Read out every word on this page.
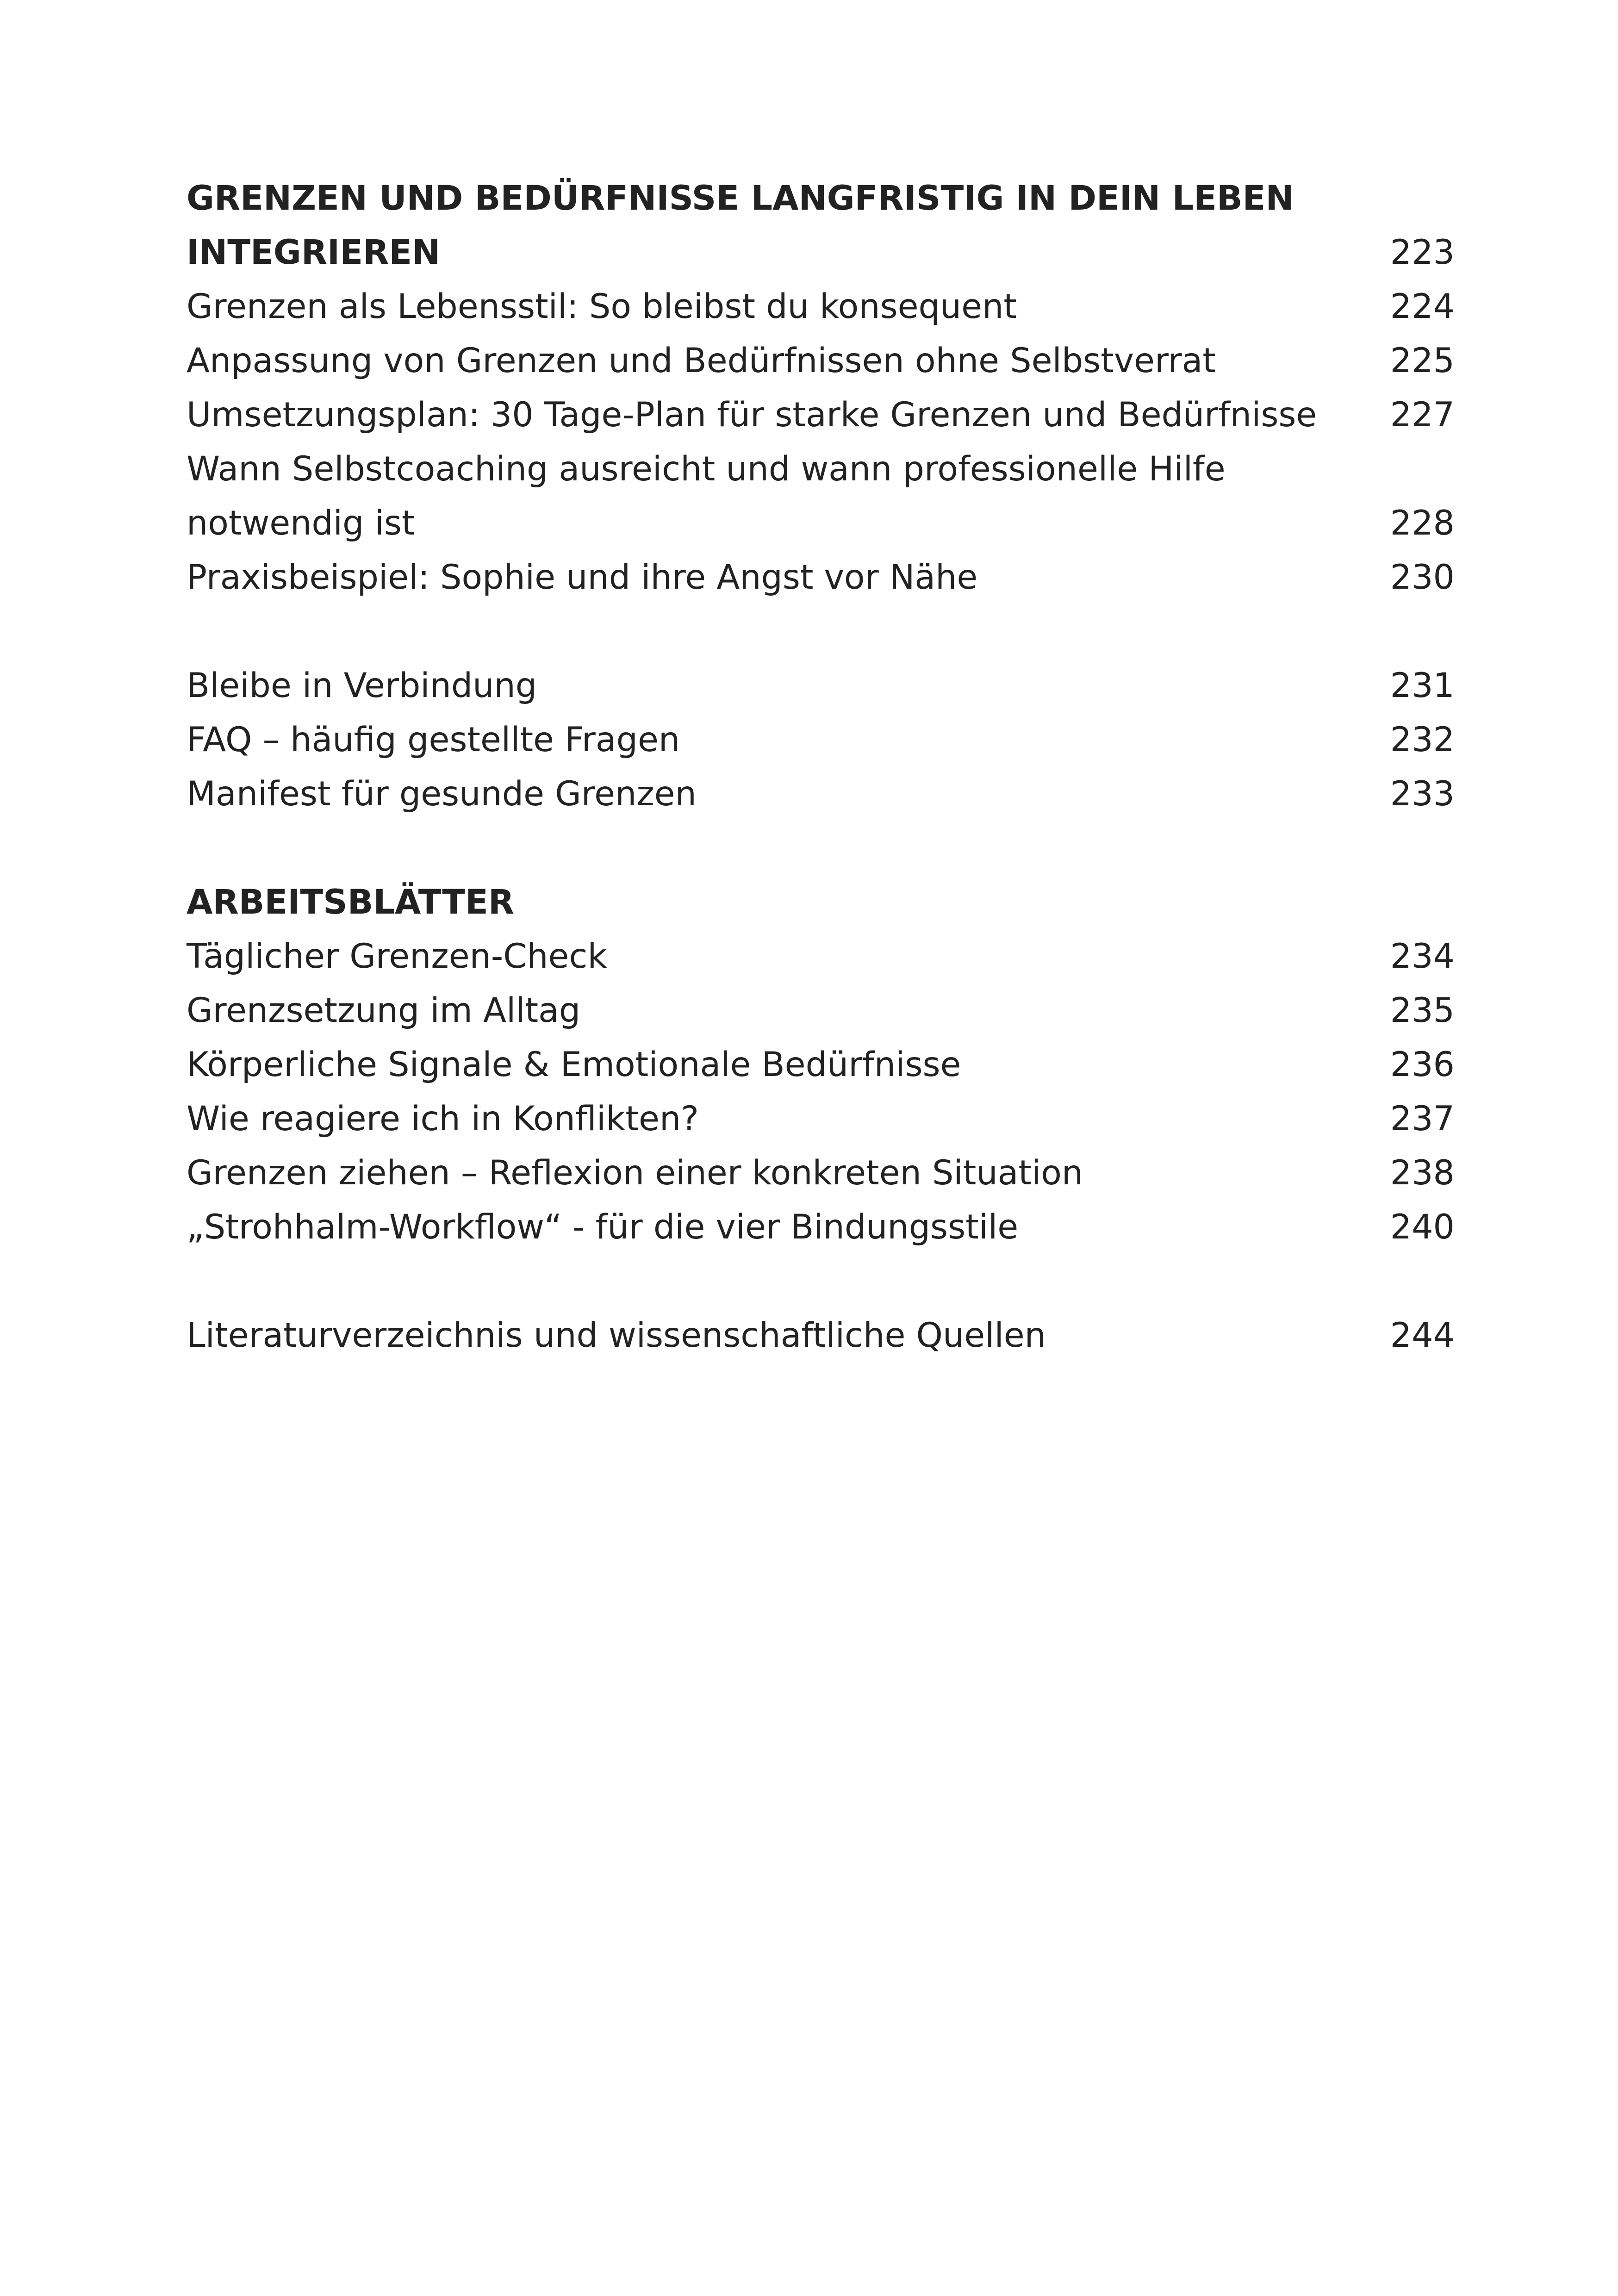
GRENZEN UND BEDÜRFNISSE LANGFRISTIG IN DEIN LEBEN
INTEGRIEREN	223
Grenzen als Lebensstil: So bleibst du konsequent	224
Anpassung von Grenzen und Bedürfnissen ohne Selbstverrat	225
Umsetzungsplan: 30 Tage-Plan für starke Grenzen und Bedürfnisse	227
Wann Selbstcoaching ausreicht und wann professionelle Hilfe
notwendig ist	228
Praxisbeispiel: Sophie und ihre Angst vor Nähe	230
Bleibe in Verbindung	231
FAQ – häufig gestellte Fragen	232
Manifest für gesunde Grenzen	233
ARBEITSBLÄTTER
Täglicher Grenzen-Check	234
Grenzsetzung im Alltag	235
Körperliche Signale & Emotionale Bedürfnisse	236
Wie reagiere ich in Konflikten?	237
Grenzen ziehen – Reflexion einer konkreten Situation	238
„Strohhalm-Workflow“ - für die vier Bindungsstile	240
Literaturverzeichnis und wissenschaftliche Quellen	244
